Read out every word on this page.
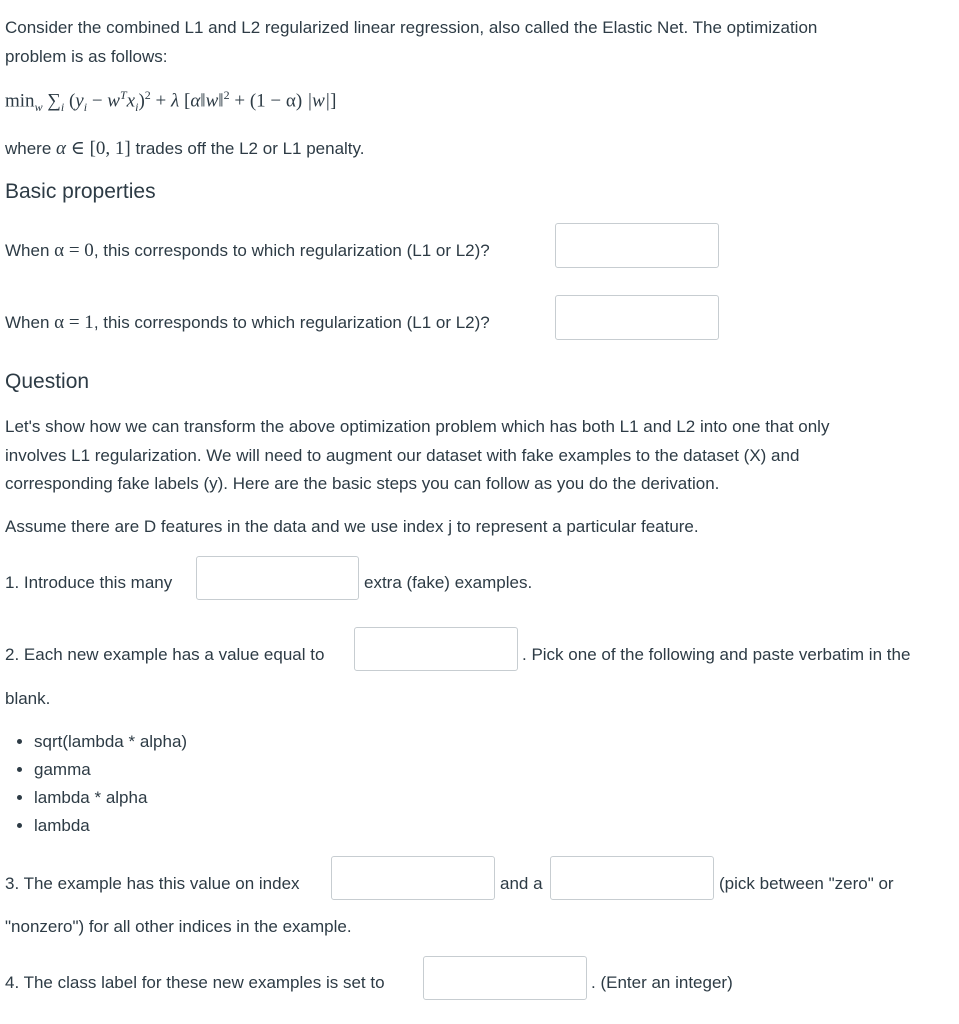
Consider the combined L1 and L2 regularized linear regression, also called the Elastic Net. The optimization
problem is as follows:
$\min_w \sum_i$ $(y_i - w^Tx_i)^2 + \lambda$ [α‖w‖$^2$ + (1 − α) |w|]
where α ∈ [0, 1] trades off the L2 or L1 penalty.
Basic properties
When α = 0, this corresponds to which regularization (L1 or L2)?
When α = 1, this corresponds to which regularization (L1 or L2)?
Question
Let's show how we can transform the above optimization problem which has both L1 and L2 into one that only
involves L1 regularization. We will need to augment our dataset with fake examples to the dataset (X) and
corresponding fake labels (y). Here are the basic steps you can follow as you do the derivation.
Assume there are D features in the data and we use index j to represent a particular feature.
1. Introduce this many	extra (fake) examples.
2. Each new example has a value equal to	. Pick one of the following and paste verbatim in the
blank.
• sqrt(lambda * alpha)
• gamma
• lambda * alpha
• lambda
3. The example has this value on index	and a	(pick between "zero" or
"nonzero") for all other indices in the example.
4. The class label for these new examples is set to	. (Enter an integer)
